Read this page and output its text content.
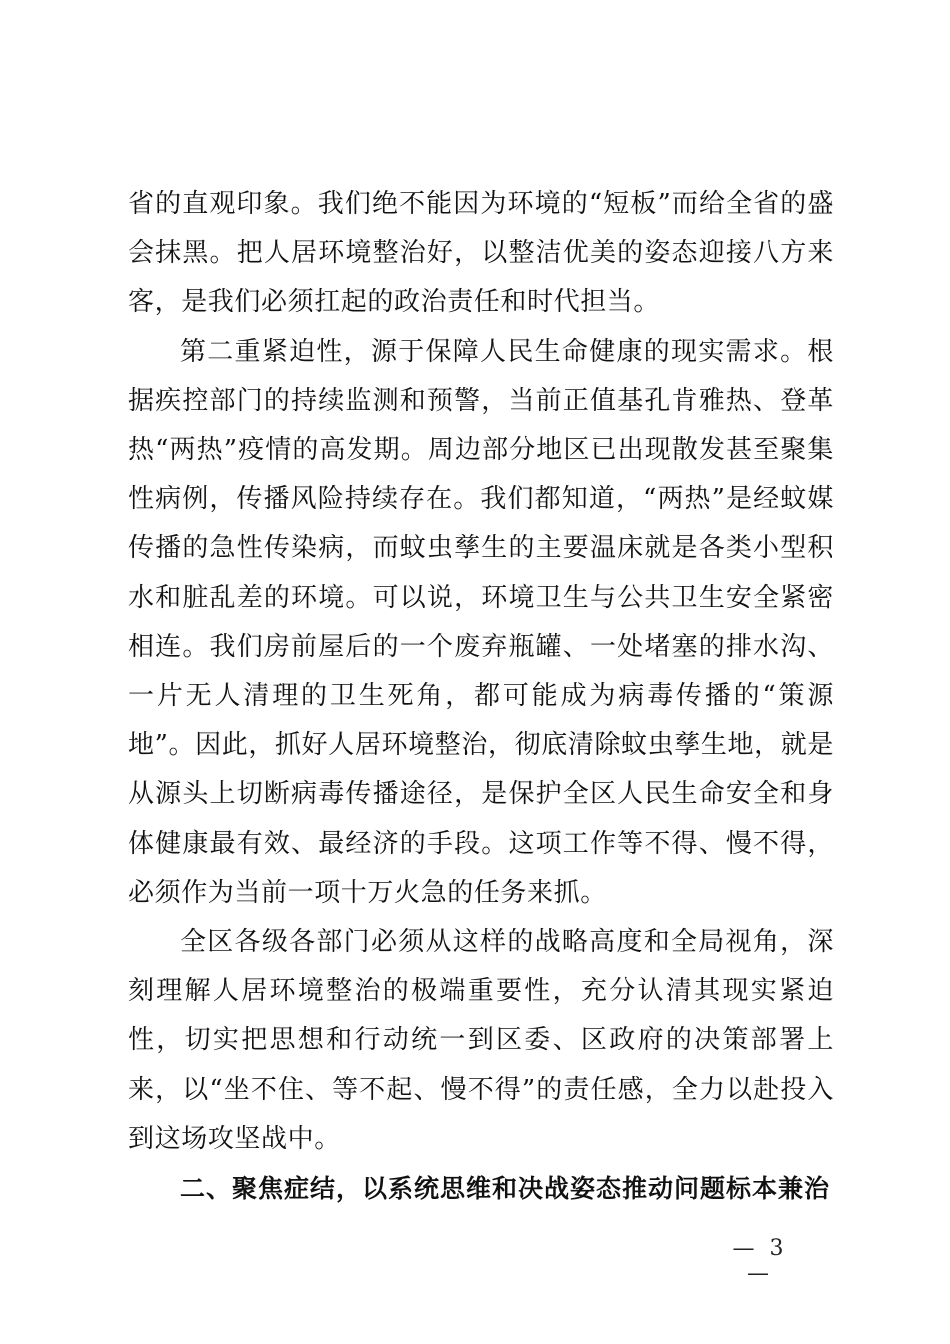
省的直观印象。我们绝不能因为环境的“短板”而给全省的盛会抹黑。把人居环境整治好，以整洁优美的姿态迎接八方来客，是我们必须扛起的政治责任和时代担当。

第二重紧迫性，源于保障人民生命健康的现实需求。根据疾控部门的持续监测和预警，当前正值基孔肯雅热、登革热“两热”疫情的高发期。周边部分地区已出现散发甚至聚集性病例，传播风险持续存在。我们都知道，“两热”是经蚊媒传播的急性传染病，而蚊虫孳生的主要温床就是各类小型积水和脏乱差的环境。可以说，环境卫生与公共卫生安全紧密相连。我们房前屋后的一个废弃瓶罐、一处堵塞的排水沟、一片无人清理的卫生死角，都可能成为病毒传播的“策源地”。因此，抓好人居环境整治，彻底清除蚊虫孳生地，就是从源头上切断病毒传播途径，是保护全区人民生命安全和身体健康最有效、最经济的手段。这项工作等不得、慢不得，必须作为当前一项十万火急的任务来抓。

全区各级各部门必须从这样的战略高度和全局视角，深刻理解人居环境整治的极端重要性，充分认清其现实紧迫性，切实把思想和行动统一到区委、区政府的决策部署上来，以“坐不住、等不起、慢不得”的责任感，全力以赴投入到这场攻坚战中。

二、聚焦症结，以系统思维和决战姿态推动问题标本兼治

— 3 —
